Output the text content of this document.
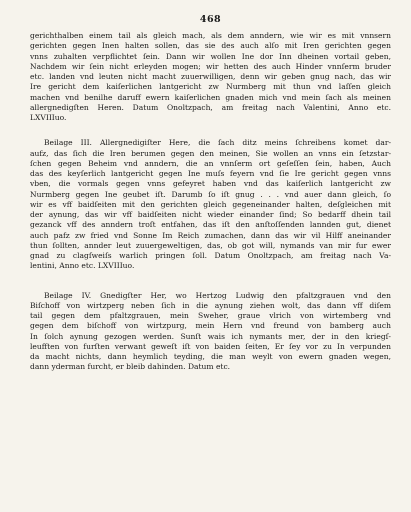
468
gerichthalben einem tail als gleich mach, als dem anndern, wie wir es mit vnnsern
gerichten gegen Inen halten sollen, das sie des auch alſo mit Iren gerichten gegen
vnns zuhalten verpflichtet ſein. Dann wir wollen Ine dor Inn dheinen vortail geben,
Nachdem wir ſein nicht erleyden mogen; wir hetten des auch Hinder vnnſerm bruder
etc. landen vnd leuten nicht macht zuuerwilligen, denn wir geben gnug nach, das wir
Ire gericht dem kaiſerlichen lantgericht zw Nurmberg mit thun vnd laſſen gleich
machen vnd benilhe daruff ewern kaiſerlichen gnaden mich vnd mein ſach als meinen
allergnedigſten Heren. Datum Onoltzpach, am freitag nach Valentini, Anno etc.
LXVIIIuo.
Beilage III. Allergnedigiſter Here, die ſach ditz meins ſchreibens komet dar-
aufz, das ſich die Iren berumen gegen den meinen, Sie wollen an vnns ein ſetzstar-
ſchen gegen Beheim vnd anndern, die an vnnſerm ort geſeſſen ſein, haben, Auch
das des keyſerlich lantgericht gegen Ine muſs feyern vnd ſie Ire gericht gegen vnns
vben, die vormals gegen vnns gefeyret haben vnd das kaiſerlich lantgericht zw
Nurmberg gegen Ine geubet iſt. Darumb ſo iſt gnug . . . vnd auer dann gleich, ſo
wir es vff baidſeiten mit den gerichten gleich gegeneinander halten, deſgleichen mit
der aynung, das wir vff baidſeiten nicht wieder einander ſind; So bedarff dhein tail
gezanck vff des anndern troſt entfahen, das iſt den anſtoſſenden lannden gut, dienet
auch pafz zw fried vnd Sonne Im Reich zumachen, dann das wir vil Hilff aneinander
thun ſollten, annder leut zuuergeweltigen, das, ob got will, nymands van mir fur ewer
gnad zu clagſweiſs warlich pringen ſoll. Datum Onoltzpach, am freitag nach Va-
lentini, Anno etc. LXVIIIuo.
Beilage IV. Gnedigſter Her, wo Hertzog Ludwig den pfaltzgrauen vnd den
Biſchoff von wirtzperg neben ſich in die aynung ziehen wolt, das dann vff diſem
tail gegen dem pfaltzgrauen, mein Sweher, graue vlrich von wirtemberg vnd
gegen dem biſchoff von wirtzpurg, mein Hern vnd freund von bamberg auch
In ſolch aynung gezogen werden. Sunſt wais ich nymants mer, der in den kriegſ-
leufften von furſten verwant geweſt iſt von baiden ſeiten, Er ſey vor zu In verpunden
da macht nichts, dann heymlich teyding, die man weylt von ewern gnaden wegen,
dann yderman furcht, er bleib dahinden. Datum etc.
